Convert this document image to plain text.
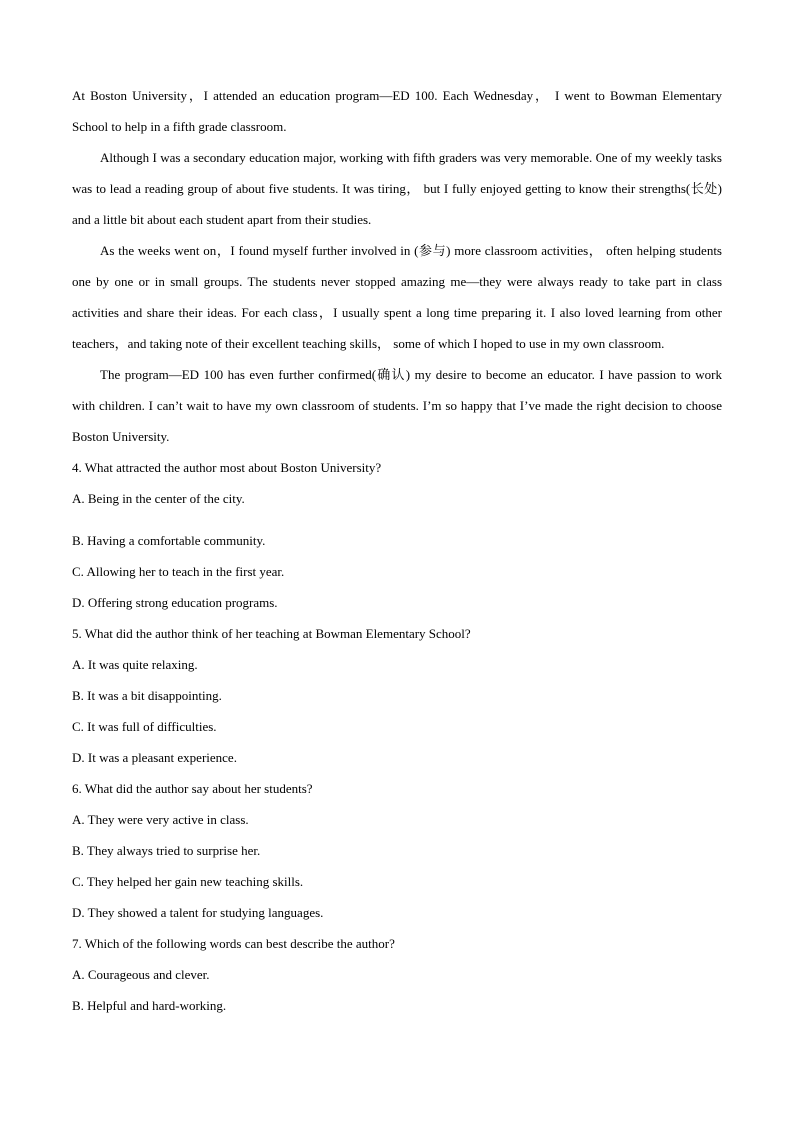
At Boston University，I attended an education program—ED 100. Each Wednesday， I went to Bowman Elementary School to help in a fifth grade classroom.

Although I was a secondary education major, working with fifth graders was very memorable. One of my weekly tasks was to lead a reading group of about five students. It was tiring， but I fully enjoyed getting to know their strengths(长处) and a little bit about each student apart from their studies.

As the weeks went on，I found myself further involved in (参与) more classroom activities， often helping students one by one or in small groups. The students never stopped amazing me—they were always ready to take part in class activities and share their ideas. For each class，I usually spent a long time preparing it. I also loved learning from other teachers，and taking note of their excellent teaching skills， some of which I hoped to use in my own classroom.

The program—ED 100 has even further confirmed(确认) my desire to become an educator. I have passion to work with children. I can’t wait to have my own classroom of students. I’m so happy that I’ve made the right decision to choose Boston University.

4. What attracted the author most about Boston University?

A. Being in the center of the city.

B. Having a comfortable community.

C. Allowing her to teach in the first year.

D. Offering strong education programs.

5. What did the author think of her teaching at Bowman Elementary School?

A. It was quite relaxing.

B. It was a bit disappointing.

C. It was full of difficulties.

D. It was a pleasant experience.

6. What did the author say about her students?

A. They were very active in class.

B. They always tried to surprise her.

C. They helped her gain new teaching skills.

D. They showed a talent for studying languages.

7. Which of the following words can best describe the author?

A. Courageous and clever.

B. Helpful and hard-working.
